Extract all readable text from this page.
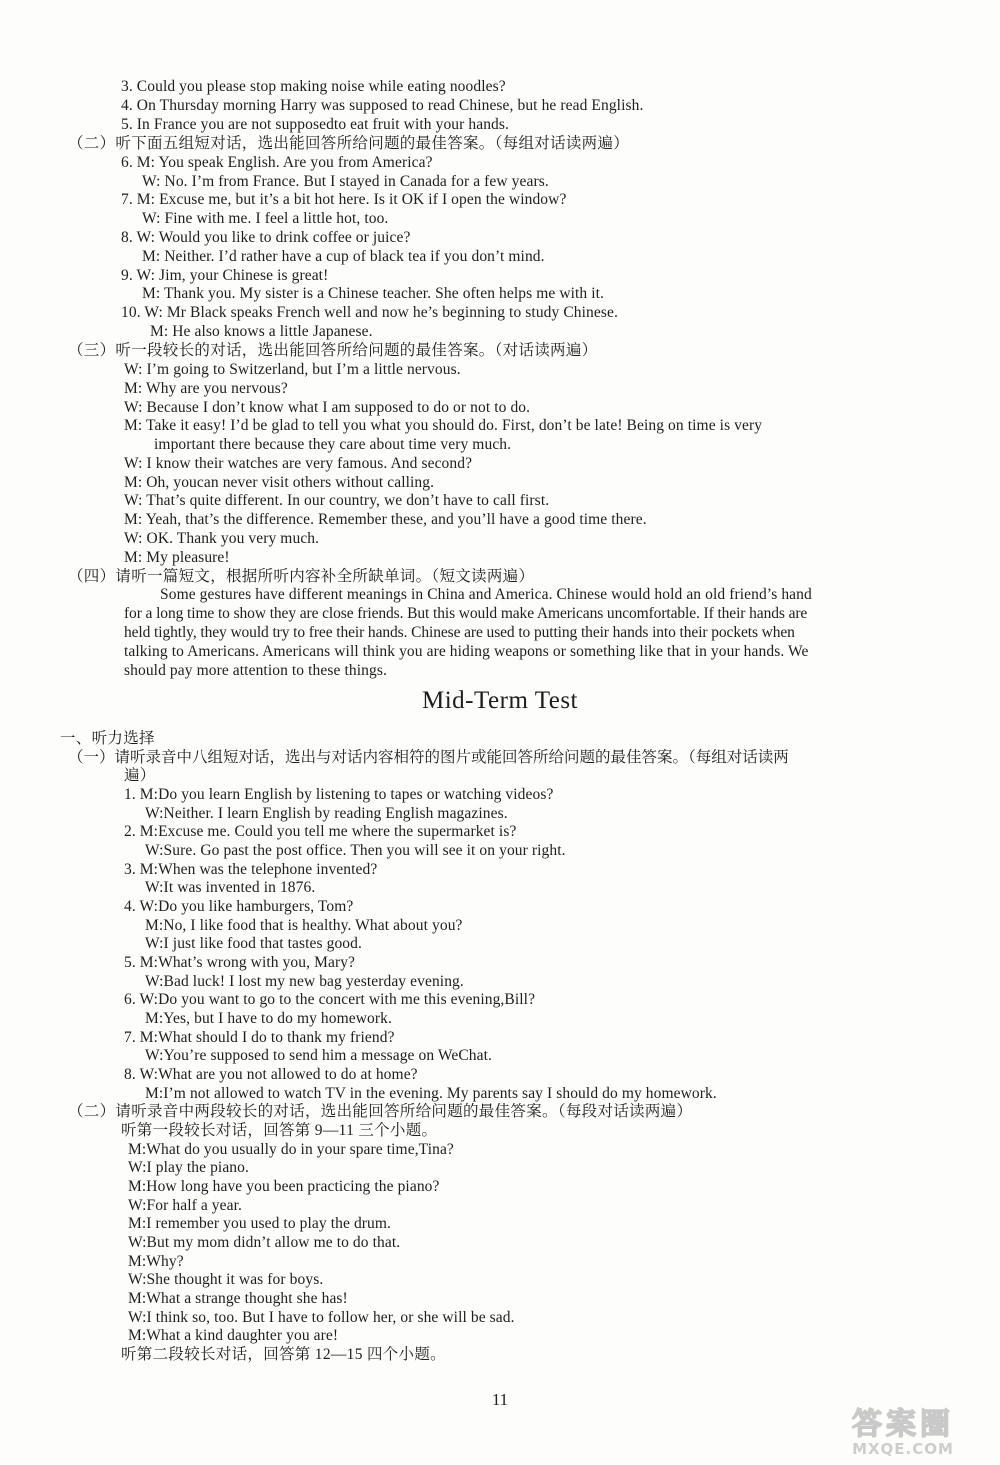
3. Could you please stop making noise while eating noodles?
4. On Thursday morning Harry was supposed to read Chinese, but he read English.
5. In France you are not supposedto eat fruit with your hands.
（二）听下面五组短对话，选出能回答所给问题的最佳答案。（每组对话读两遍）
6. M: You speak English. Are you from America?
W: No. I’m from France. But I stayed in Canada for a few years.
7. M: Excuse me, but it’s a bit hot here. Is it OK if I open the window?
W: Fine with me. I feel a little hot, too.
8. W: Would you like to drink coffee or juice?
M: Neither. I’d rather have a cup of black tea if you don’t mind.
9. W: Jim, your Chinese is great!
M: Thank you. My sister is a Chinese teacher. She often helps me with it.
10. W: Mr Black speaks French well and now he’s beginning to study Chinese.
M: He also knows a little Japanese.
（三）听一段较长的对话，选出能回答所给问题的最佳答案。（对话读两遍）
W: I’m going to Switzerland, but I’m a little nervous.
M: Why are you nervous?
W: Because I don’t know what I am supposed to do or not to do.
M: Take it easy! I’d be glad to tell you what you should do. First, don’t be late! Being on time is very
important there because they care about time very much.
W: I know their watches are very famous. And second?
M: Oh, youcan never visit others without calling.
W: That’s quite different. In our country, we don’t have to call first.
M: Yeah, that’s the difference. Remember these, and you’ll have a good time there.
W: OK. Thank you very much.
M: My pleasure!
（四）请听一篇短文，根据所听内容补全所缺单词。（短文读两遍）
Some gestures have different meanings in China and America. Chinese would hold an old friend’s hand
for a long time to show they are close friends. But this would make Americans uncomfortable. If their hands are
held tightly, they would try to free their hands. Chinese are used to putting their hands into their pockets when
talking to Americans. Americans will think you are hiding weapons or something like that in your hands. We
should pay more attention to these things.
Mid-Term Test
一、听力选择
（一）请听录音中八组短对话，选出与对话内容相符的图片或能回答所给问题的最佳答案。（每组对话读两
遍）
1. M:Do you learn English by listening to tapes or watching videos?
W:Neither. I learn English by reading English magazines.
2. M:Excuse me. Could you tell me where the supermarket is?
W:Sure. Go past the post office. Then you will see it on your right.
3. M:When was the telephone invented?
W:It was invented in 1876.
4. W:Do you like hamburgers, Tom?
M:No, I like food that is healthy. What about you?
W:I just like food that tastes good.
5. M:What’s wrong with you, Mary?
W:Bad luck! I lost my new bag yesterday evening.
6. W:Do you want to go to the concert with me this evening,Bill?
M:Yes, but I have to do my homework.
7. M:What should I do to thank my friend?
W:You’re supposed to send him a message on WeChat.
8. W:What are you not allowed to do at home?
M:I’m not allowed to watch TV in the evening. My parents say I should do my homework.
（二）请听录音中两段较长的对话，选出能回答所给问题的最佳答案。（每段对话读两遍）
听第一段较长对话，回答第 9—11 三个小题。
M:What do you usually do in your spare time,Tina?
W:I play the piano.
M:How long have you been practicing the piano?
W:For half a year.
M:I remember you used to play the drum.
W:But my mom didn’t allow me to do that.
M:Why?
W:She thought it was for boys.
M:What a strange thought she has!
W:I think so, too. But I have to follow her, or she will be sad.
M:What a kind daughter you are!
听第二段较长对话，回答第 12—15 四个小题。
11
答案圈
MXQE.COM
